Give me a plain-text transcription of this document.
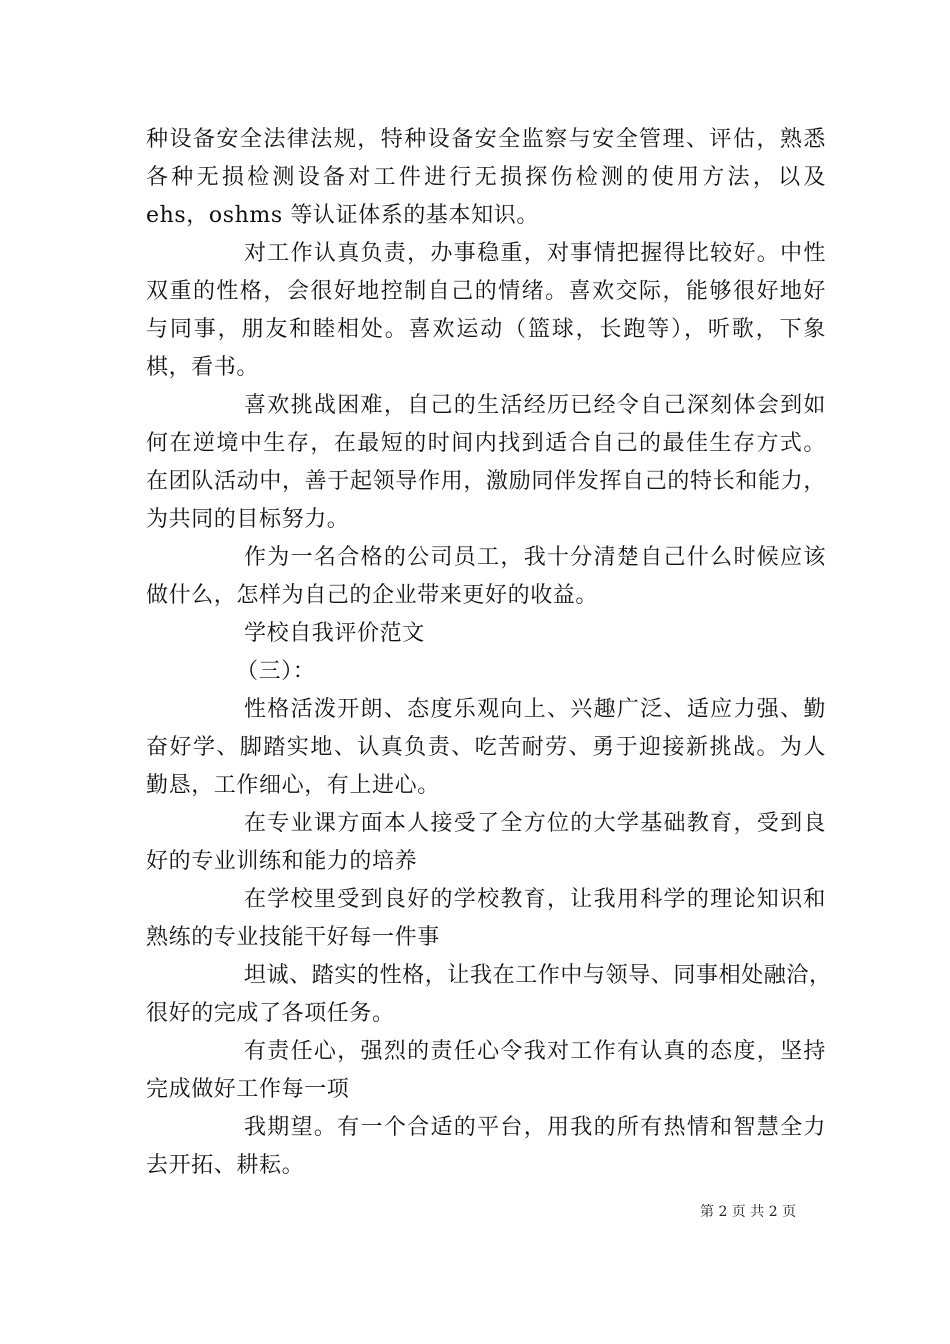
种设备安全法律法规，特种设备安全监察与安全管理、评估，熟悉
各种无损检测设备对工件进行无损探伤检测的使用方法，以及
ehs，oshms 等认证体系的基本知识。
对工作认真负责，办事稳重，对事情把握得比较好。中性
双重的性格，会很好地控制自己的情绪。喜欢交际，能够很好地好
与同事，朋友和睦相处。喜欢运动（篮球，长跑等），听歌，下象
棋，看书。
喜欢挑战困难，自己的生活经历已经令自己深刻体会到如
何在逆境中生存，在最短的时间内找到适合自己的最佳生存方式。
在团队活动中，善于起领导作用，激励同伴发挥自己的特长和能力，
为共同的目标努力。
作为一名合格的公司员工，我十分清楚自己什么时候应该
做什么，怎样为自己的企业带来更好的收益。
学校自我评价范文
（三）：
性格活泼开朗、态度乐观向上、兴趣广泛、适应力强、勤
奋好学、脚踏实地、认真负责、吃苦耐劳、勇于迎接新挑战。为人
勤恳，工作细心，有上进心。
在专业课方面本人接受了全方位的大学基础教育，受到良
好的专业训练和能力的培养
在学校里受到良好的学校教育，让我用科学的理论知识和
熟练的专业技能干好每一件事
坦诚、踏实的性格，让我在工作中与领导、同事相处融洽，
很好的完成了各项任务。
有责任心，强烈的责任心令我对工作有认真的态度，坚持
完成做好工作每一项
我期望。有一个合适的平台，用我的所有热情和智慧全力
去开拓、耕耘。
第 2 页 共 2 页
